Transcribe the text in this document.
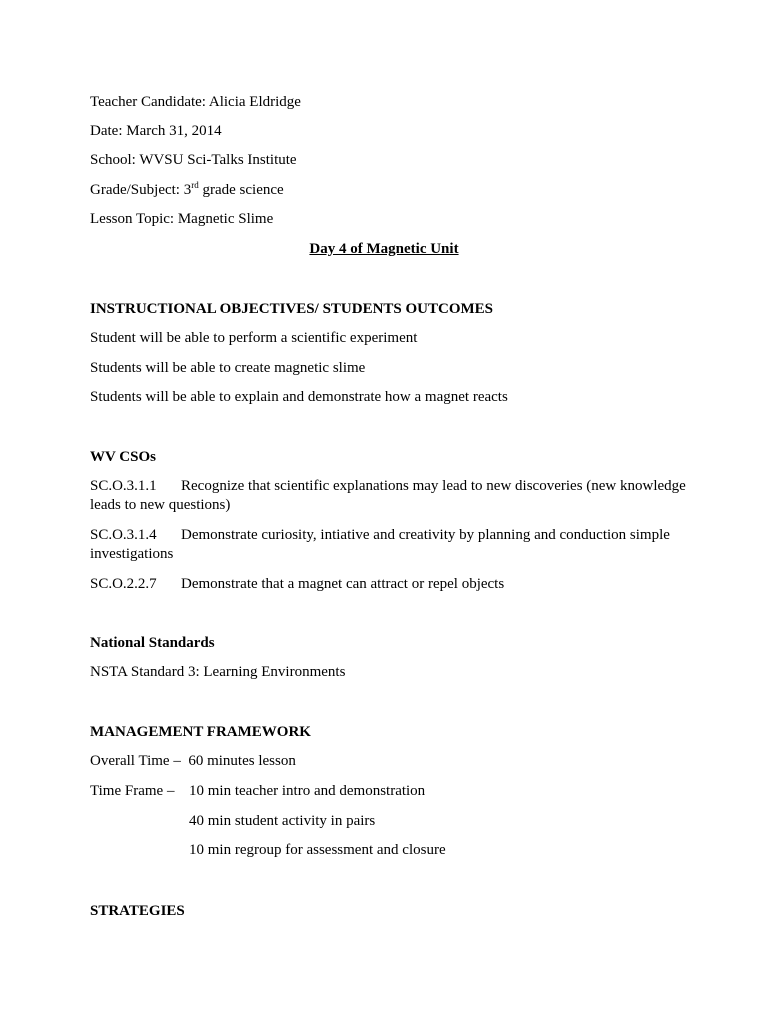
Teacher Candidate: Alicia Eldridge
Date: March 31, 2014
School: WVSU Sci-Talks Institute
Grade/Subject: 3rd grade science
Lesson Topic: Magnetic Slime
Day 4 of Magnetic Unit
INSTRUCTIONAL OBJECTIVES/ STUDENTS OUTCOMES
Student will be able to perform a scientific experiment
Students will be able to create magnetic slime
Students will be able to explain and demonstrate how a magnet reacts
WV CSOs
SC.O.3.1.1 Recognize that scientific explanations may lead to new discoveries (new knowledge leads to new questions)
SC.O.3.1.4 Demonstrate curiosity, intiative and creativity by planning and conduction simple investigations
SC.O.2.2.7 Demonstrate that a magnet can attract or repel objects
National Standards
NSTA Standard 3: Learning Environments
MANAGEMENT FRAMEWORK
Overall Time – 60 minutes lesson
Time Frame – 10 min teacher intro and demonstration
40 min student activity in pairs
10 min regroup for assessment and closure
STRATEGIES
